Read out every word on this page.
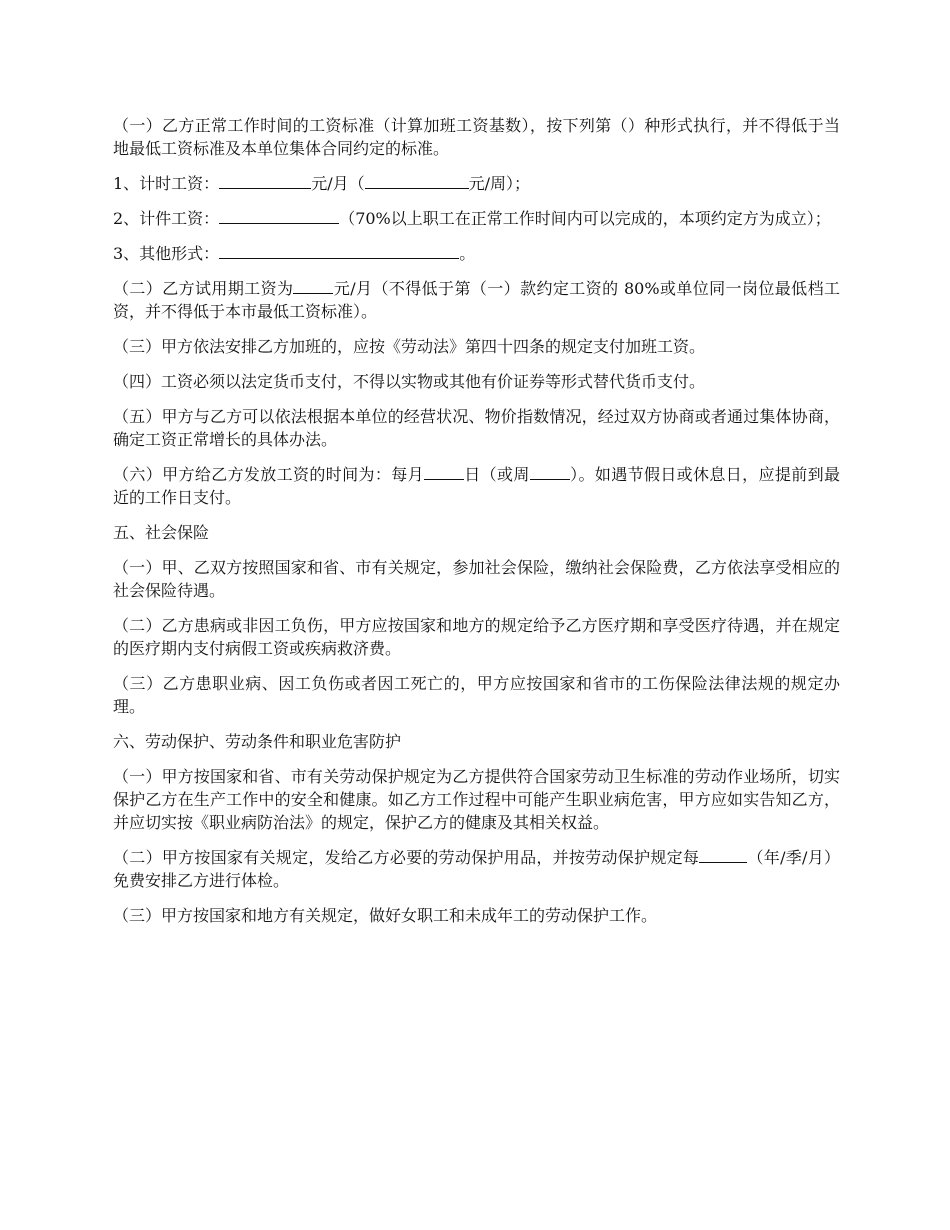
（一）乙方正常工作时间的工资标准（计算加班工资基数），按下列第（）种形式执行，并不得低于当地最低工资标准及本单位集体合同约定的标准。

1、计时工资：	元/月（	元/周）；

2、计件工资：	（70%以上职工在正常工作时间内可以完成的，本项约定方为成立）；

3、其他形式：	。

（二）乙方试用期工资为	元/月（不得低于第（一）款约定工资的 80%或单位同一岗位最低档工资，并不得低于本市最低工资标准）。

（三）甲方依法安排乙方加班的，应按《劳动法》第四十四条的规定支付加班工资。

（四）工资必须以法定货币支付，不得以实物或其他有价证券等形式替代货币支付。

（五）甲方与乙方可以依法根据本单位的经营状况、物价指数情况，经过双方协商或者通过集体协商，确定工资正常增长的具体办法。

（六）甲方给乙方发放工资的时间为：每月	日（或周	）。如遇节假日或休息日，应提前到最近的工作日支付。

五、社会保险

（一）甲、乙双方按照国家和省、市有关规定，参加社会保险，缴纳社会保险费，乙方依法享受相应的社会保险待遇。

（二）乙方患病或非因工负伤，甲方应按国家和地方的规定给予乙方医疗期和享受医疗待遇，并在规定的医疗期内支付病假工资或疾病救济费。

（三）乙方患职业病、因工负伤或者因工死亡的，甲方应按国家和省市的工伤保险法律法规的规定办理。

六、劳动保护、劳动条件和职业危害防护

（一）甲方按国家和省、市有关劳动保护规定为乙方提供符合国家劳动卫生标准的劳动作业场所，切实保护乙方在生产工作中的安全和健康。如乙方工作过程中可能产生职业病危害，甲方应如实告知乙方，并应切实按《职业病防治法》的规定，保护乙方的健康及其相关权益。

（二）甲方按国家有关规定，发给乙方必要的劳动保护用品，并按劳动保护规定每	（年/季/月）免费安排乙方进行体检。

（三）甲方按国家和地方有关规定，做好女职工和未成年工的劳动保护工作。
